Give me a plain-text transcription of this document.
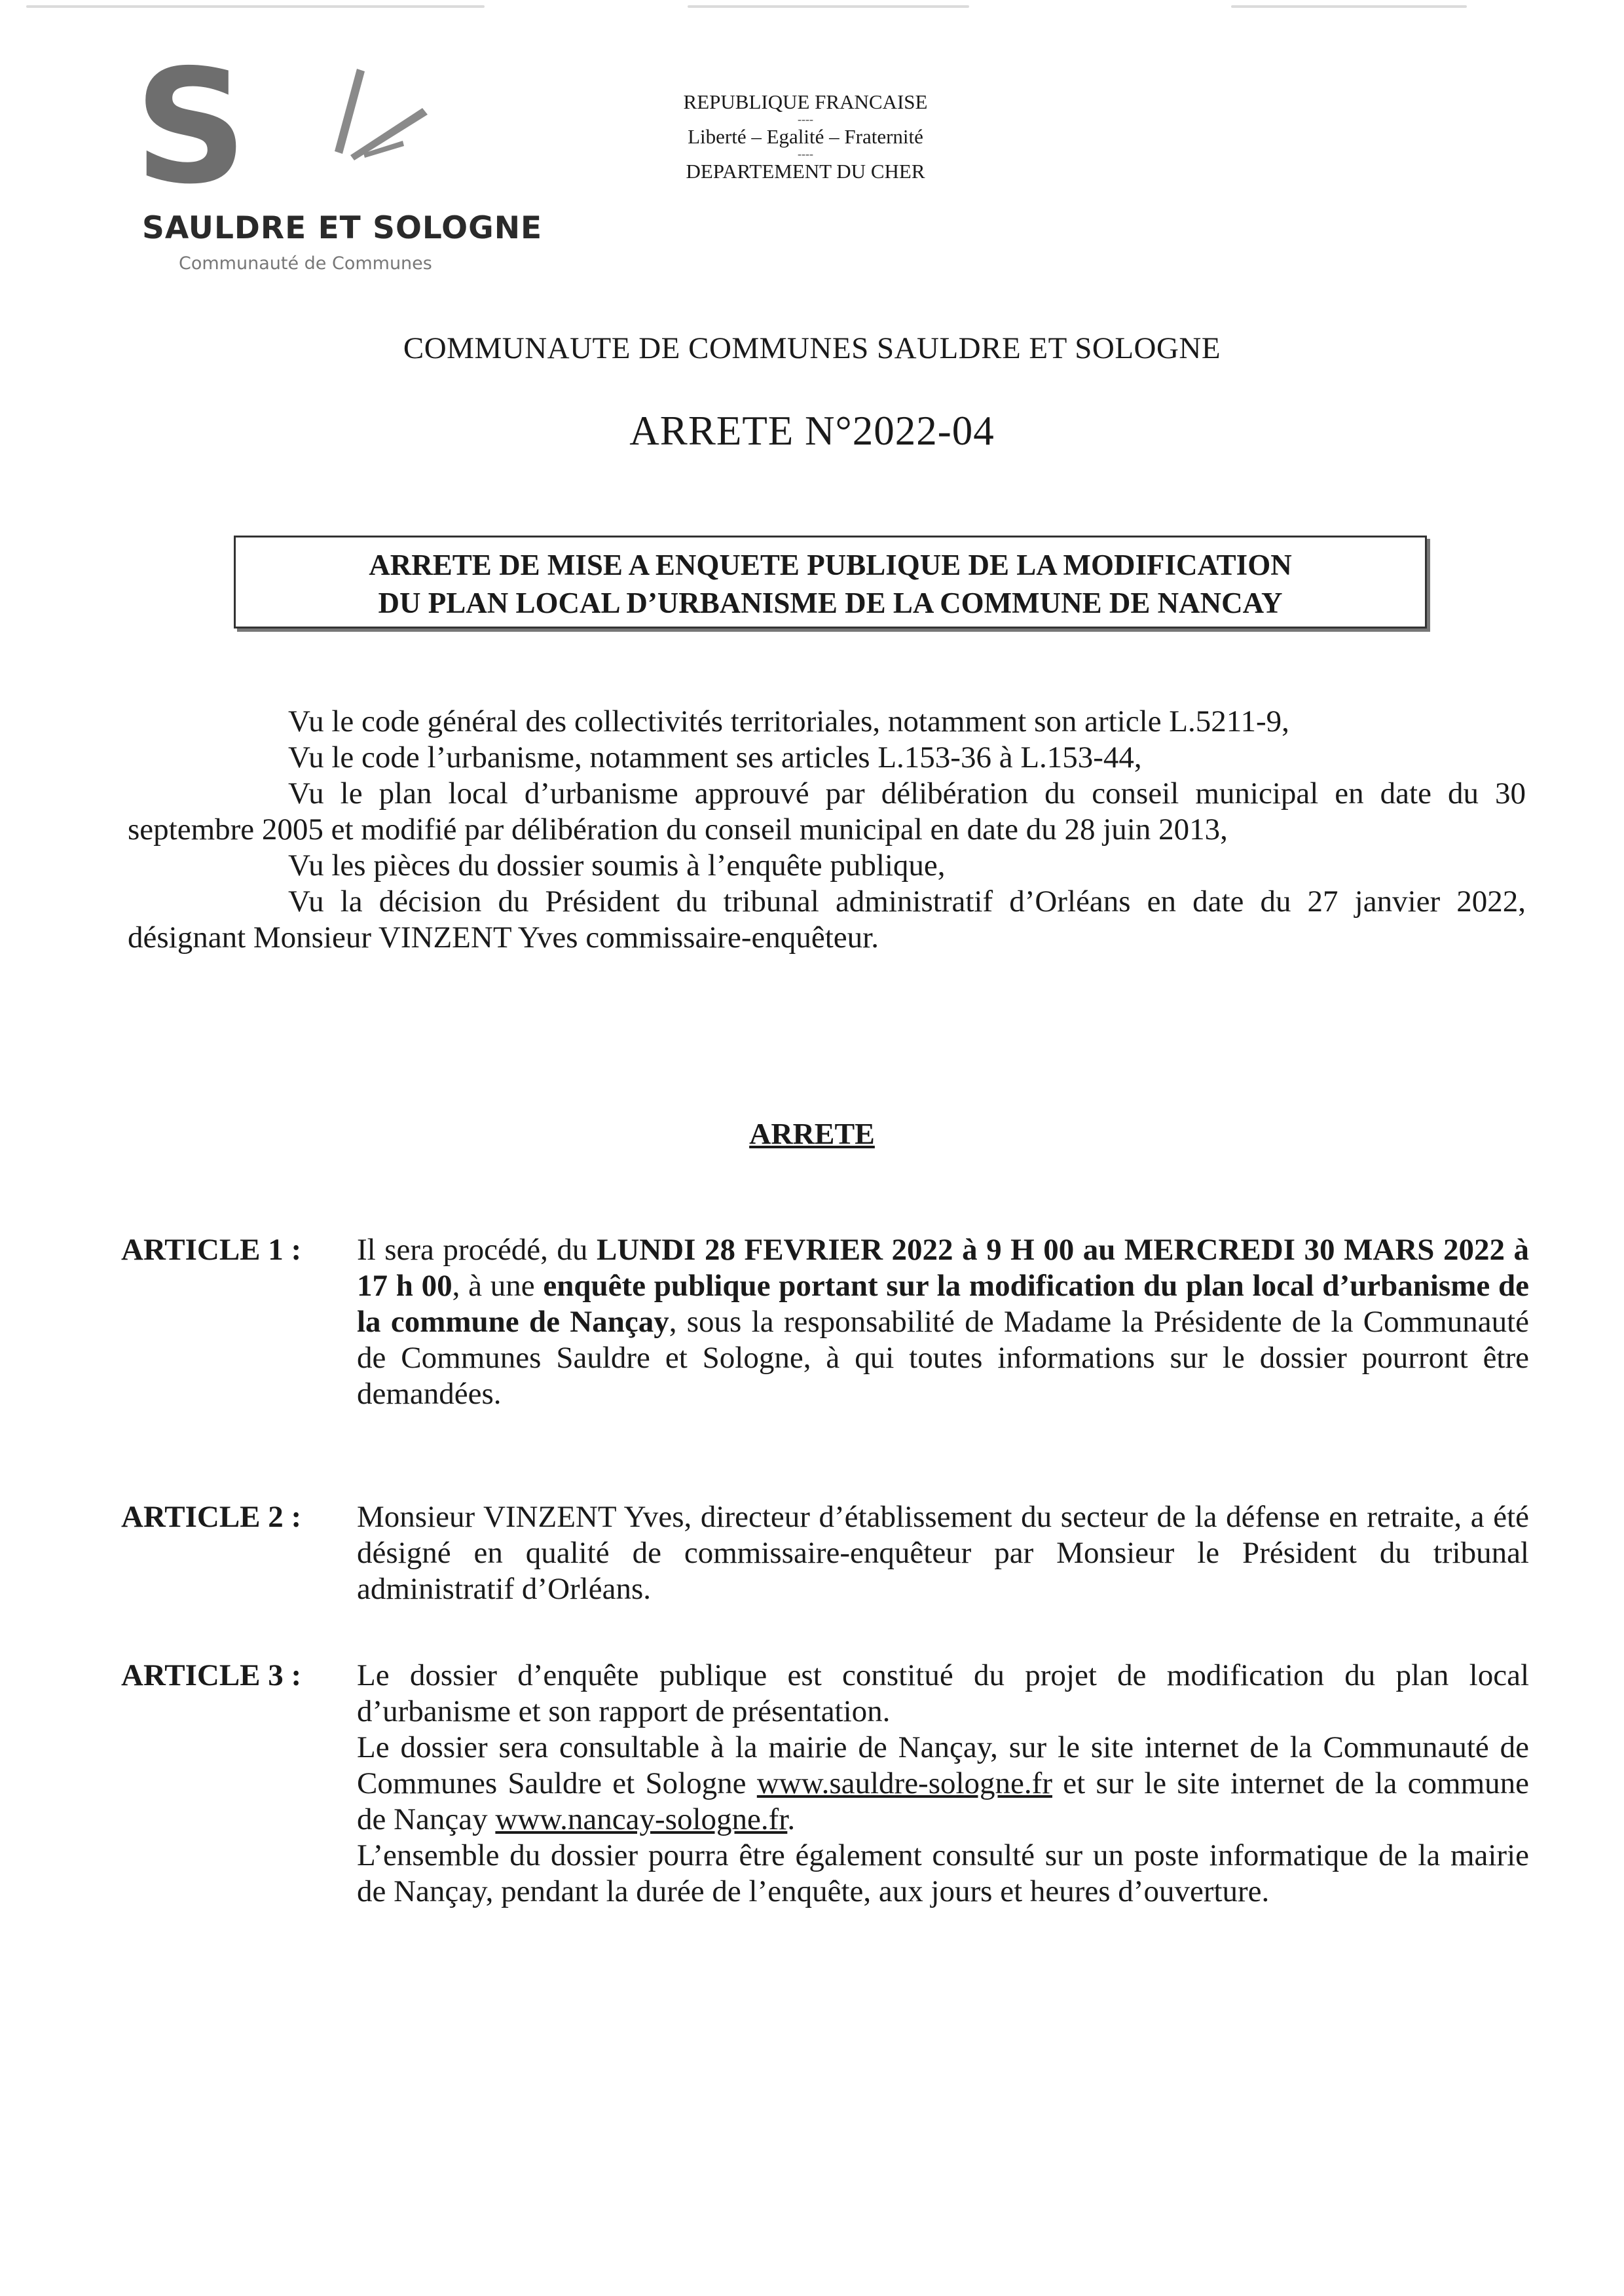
S
SAULDRE ET SOLOGNE
Communauté de Communes
REPUBLIQUE FRANCAISE
----
Liberté – Egalité – Fraternité
----
DEPARTEMENT DU CHER
COMMUNAUTE DE COMMUNES SAULDRE ET SOLOGNE
ARRETE N°2022-04
ARRETE DE MISE A ENQUETE PUBLIQUE DE LA MODIFICATION
DU PLAN LOCAL D’URBANISME DE LA COMMUNE DE NANCAY

Vu le code général des collectivités territoriales, notamment son article L.5211-9,

Vu le code l’urbanisme, notamment ses articles L.153-36 à L.153-44,

Vu le plan local d’urbanisme approuvé par délibération du conseil municipal en date du 30 septembre 2005 et modifié par délibération du conseil municipal en date du 28 juin 2013,

Vu les pièces du dossier soumis à l’enquête publique,

Vu la décision du Président du tribunal administratif d’Orléans en date du 27 janvier 2022, désignant Monsieur VINZENT Yves commissaire-enquêteur.

ARRETE
ARTICLE 1 : Il sera procédé, du LUNDI 28 FEVRIER 2022 à 9 H 00 au MERCREDI 30 MARS 2022 à 17 h 00, à une enquête publique portant sur la modification du plan local d’urbanisme de la commune de Nançay, sous la responsabilité de Madame la Présidente de la Communauté de Communes Sauldre et Sologne, à qui toutes informations sur le dossier pourront être demandées.

ARTICLE 2 : Monsieur VINZENT Yves, directeur d’établissement du secteur de la défense en retraite, a été désigné en qualité de commissaire-enquêteur par Monsieur le Président du tribunal administratif d’Orléans.

ARTICLE 3 : Le dossier d’enquête publique est constitué du projet de modification du plan local d’urbanisme et son rapport de présentation.

Le dossier sera consultable à la mairie de Nançay, sur le site internet de la Communauté de Communes Sauldre et Sologne www.sauldre-sologne.fr et sur le site internet de la commune de Nançay www.nancay-sologne.fr.

L’ensemble du dossier pourra être également consulté sur un poste informatique de la mairie de Nançay, pendant la durée de l’enquête, aux jours et heures d’ouverture.
